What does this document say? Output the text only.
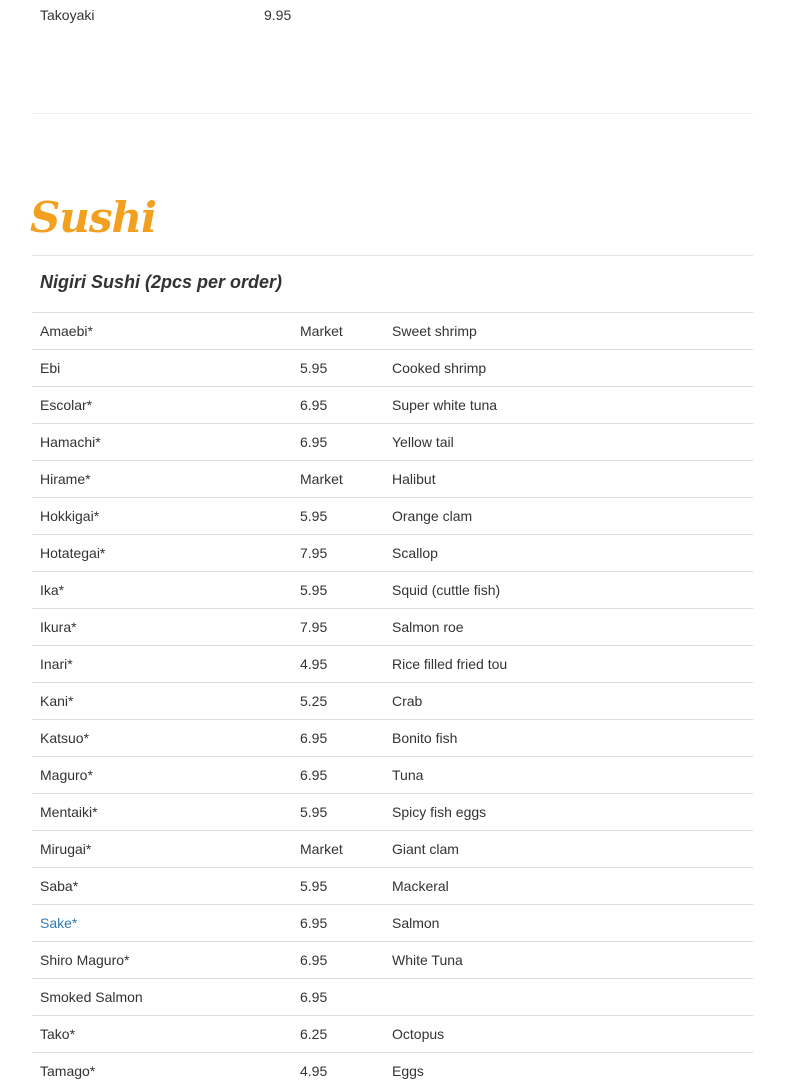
Takoyaki	9.95
Sushi
Nigiri Sushi (2pcs per order)
Amaebi*	Market	Sweet shrimp
Ebi	5.95	Cooked shrimp
Escolar*	6.95	Super white tuna
Hamachi*	6.95	Yellow tail
Hirame*	Market	Halibut
Hokkigai*	5.95	Orange clam
Hotategai*	7.95	Scallop
Ika*	5.95	Squid (cuttle fish)
Ikura*	7.95	Salmon roe
Inari*	4.95	Rice filled fried tou
Kani*	5.25	Crab
Katsuo*	6.95	Bonito fish
Maguro*	6.95	Tuna
Mentaiki*	5.95	Spicy fish eggs
Mirugai*	Market	Giant clam
Saba*	5.95	Mackeral
Sake*	6.95	Salmon
Shiro Maguro*	6.95	White Tuna
Smoked Salmon	6.95	
Tako*	6.25	Octopus
Tamago*	4.95	Eggs
